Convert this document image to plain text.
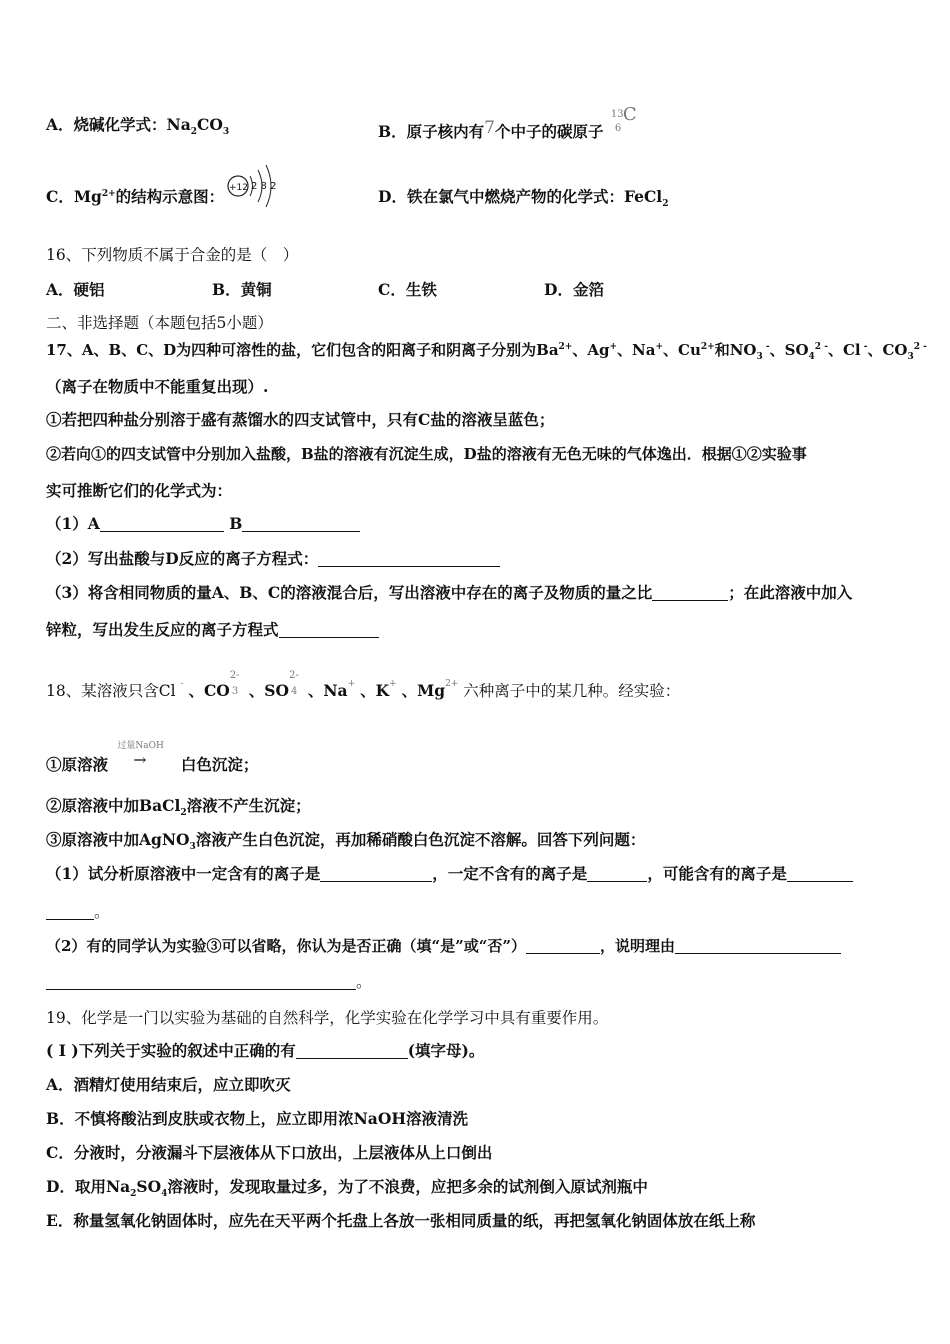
A．烧碱化学式：$Na_2CO_3$	B．原子核内有7个中子的碳原子
13
6
C
C．$Mg^{2+}$的结构示意图： +12 2 8 2
D．铁在氯气中燃烧产物的化学式：FeCl$_2$
16、下列物质不属于合金的是（　）
A．硬铝	B．黄铜	C．生铁	D．金箔
二、非选择题（本题包括5小题）
17、A、B、C、D为四种可溶性的盐，它们包含的阳离子和阴离子分别为$Ba^{2+}$、Ag+、Na+、$Cu^{2+}$和$NO_3$ -、$SO_4^{2 -}$、Cl -、$CO_3^{2 -}$
（离子在物质中不能重复出现）.
①若把四种盐分别溶于盛有蒸馏水的四支试管中，只有C盐的溶液呈蓝色；
②若向①的四支试管中分别加入盐酸，B盐的溶液有沉淀生成，D盐的溶液有无色无味的气体逸出．根据①②实验事
实可推断它们的化学式为：
（1）A	B
（2）写出盐酸与D反应的离子方程式：
（3）将含相同物质的量A、B、C的溶液混合后，写出溶液中存在的离子及物质的量之比	；在此溶液中加入
锌粒，写出发生反应的离子方程式
18、某溶液只含Cl - 、CO
2-
3 、SO
2-
4 、Na+ 、K+ 、$Mg^{2+}$ 六种离子中的某几种。经实验：
①原溶液
过量NaOH
→ 白色沉淀；
②原溶液中加BaCl$_2$溶液不产生沉淀；
③原溶液中加AgNO$_3$溶液产生白色沉淀，再加稀硝酸白色沉淀不溶解。回答下列问题：
（1）试分析原溶液中一定含有的离子是	，一定不含有的离子是	，可能含有的离子是
。
（2）有的同学认为实验③可以省略，你认为是否正确（填“是”或“否”）	，说明理由
。
19、化学是一门以实验为基础的自然科学，化学实验在化学学习中具有重要作用。
( I )下列关于实验的叙述中正确的有	(填字母)。
A．酒精灯使用结束后，应立即吹灭
B．不慎将酸沾到皮肤或衣物上，应立即用浓NaOH溶液清洗
C．分液时，分液漏斗下层液体从下口放出，上层液体从上口倒出
D．取用$Na_2SO_4$溶液时，发现取量过多，为了不浪费，应把多余的试剂倒入原试剂瓶中
E．称量氢氧化钠固体时，应先在天平两个托盘上各放一张相同质量的纸，再把氢氧化钠固体放在纸上称
